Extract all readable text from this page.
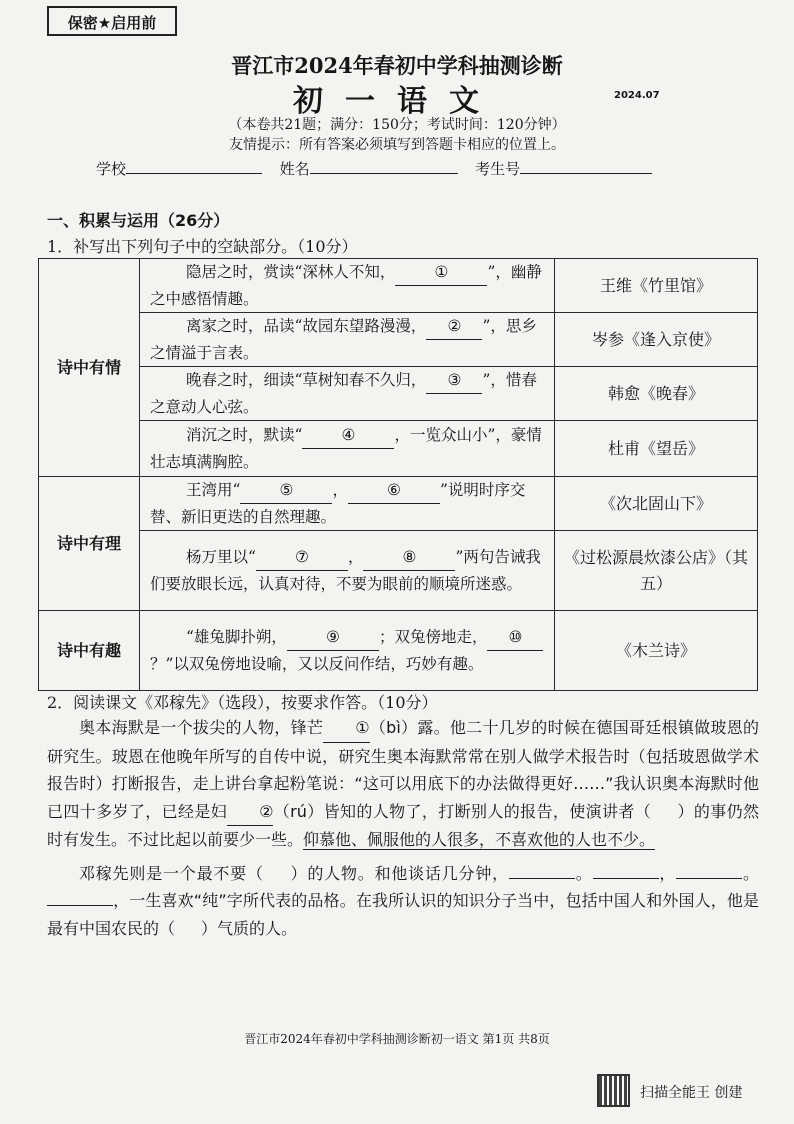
保密★启用前
晋江市2024年春初中学科抽测诊断
初一语文	2024.07
（本卷共21题；满分：150分；考试时间：120分钟）
友情提示：所有答案必须填写到答题卡相应的位置上。
学校	姓名	考生号
一、积累与运用（26分）
1．补写出下列句子中的空缺部分。（10分）
诗中有情	隐居之时，赏读“深林人不知， ① ”，幽静之中感悟情趣。	王维《竹里馆》
	离家之时，品读“故园东望路漫漫， ② ”，思乡之情溢于言表。	岑参《逢入京使》
	晚春之时，细读“草树知春不久归， ③ ”，惜春之意动人心弦。	韩愈《晚春》
	消沉之时，默读“ ④ ，一览众山小”，豪情壮志填满胸腔。	杜甫《望岳》
诗中有理	王湾用“ ⑤ ， ⑥ ”说明时序交替、新旧更迭的自然理趣。	《次北固山下》
	杨万里以“ ⑦ ， ⑧ ”两句告诫我们要放眼长远，认真对待，不要为眼前的顺境所迷惑。	《过松源晨炊漆公店》（其五）
诗中有趣	“雄兔脚扑朔， ⑨ ；双兔傍地走， ⑩？”以双兔傍地设喻，又以反问作结，巧妙有趣。	《木兰诗》
2．阅读课文《邓稼先》（选段），按要求作答。（10分）

奥本海默是一个拔尖的人物，锋芒 ①（bì）露。他二十几岁的时候在德国哥廷根镇做玻恩的研究生。玻恩在他晚年所写的自传中说，研究生奥本海默常常在别人做学术报告时（包括玻恩做学术报告时）打断报告，走上讲台拿起粉笔说：“这可以用底下的办法做得更好……”我认识奥本海默时他已四十多岁了，已经是妇 ②（rú）皆知的人物了，打断别人的报告，使演讲者（ ）的事仍然时有发生。不过比起以前要少一些。仰慕他、佩服他的人很多，不喜欢他的人也不少。

邓稼先则是一个最不要（ ）的人物。和他谈话几分钟，	。	，	。，一生喜欢“纯”字所代表的品格。在我所认识的知识分子当中，包括中国人和外国人，他是最有中国农民的（ ）气质的人。

晋江市2024年春初中学科抽测诊断初一语文 第1页 共8页
扫描全能王 创建
